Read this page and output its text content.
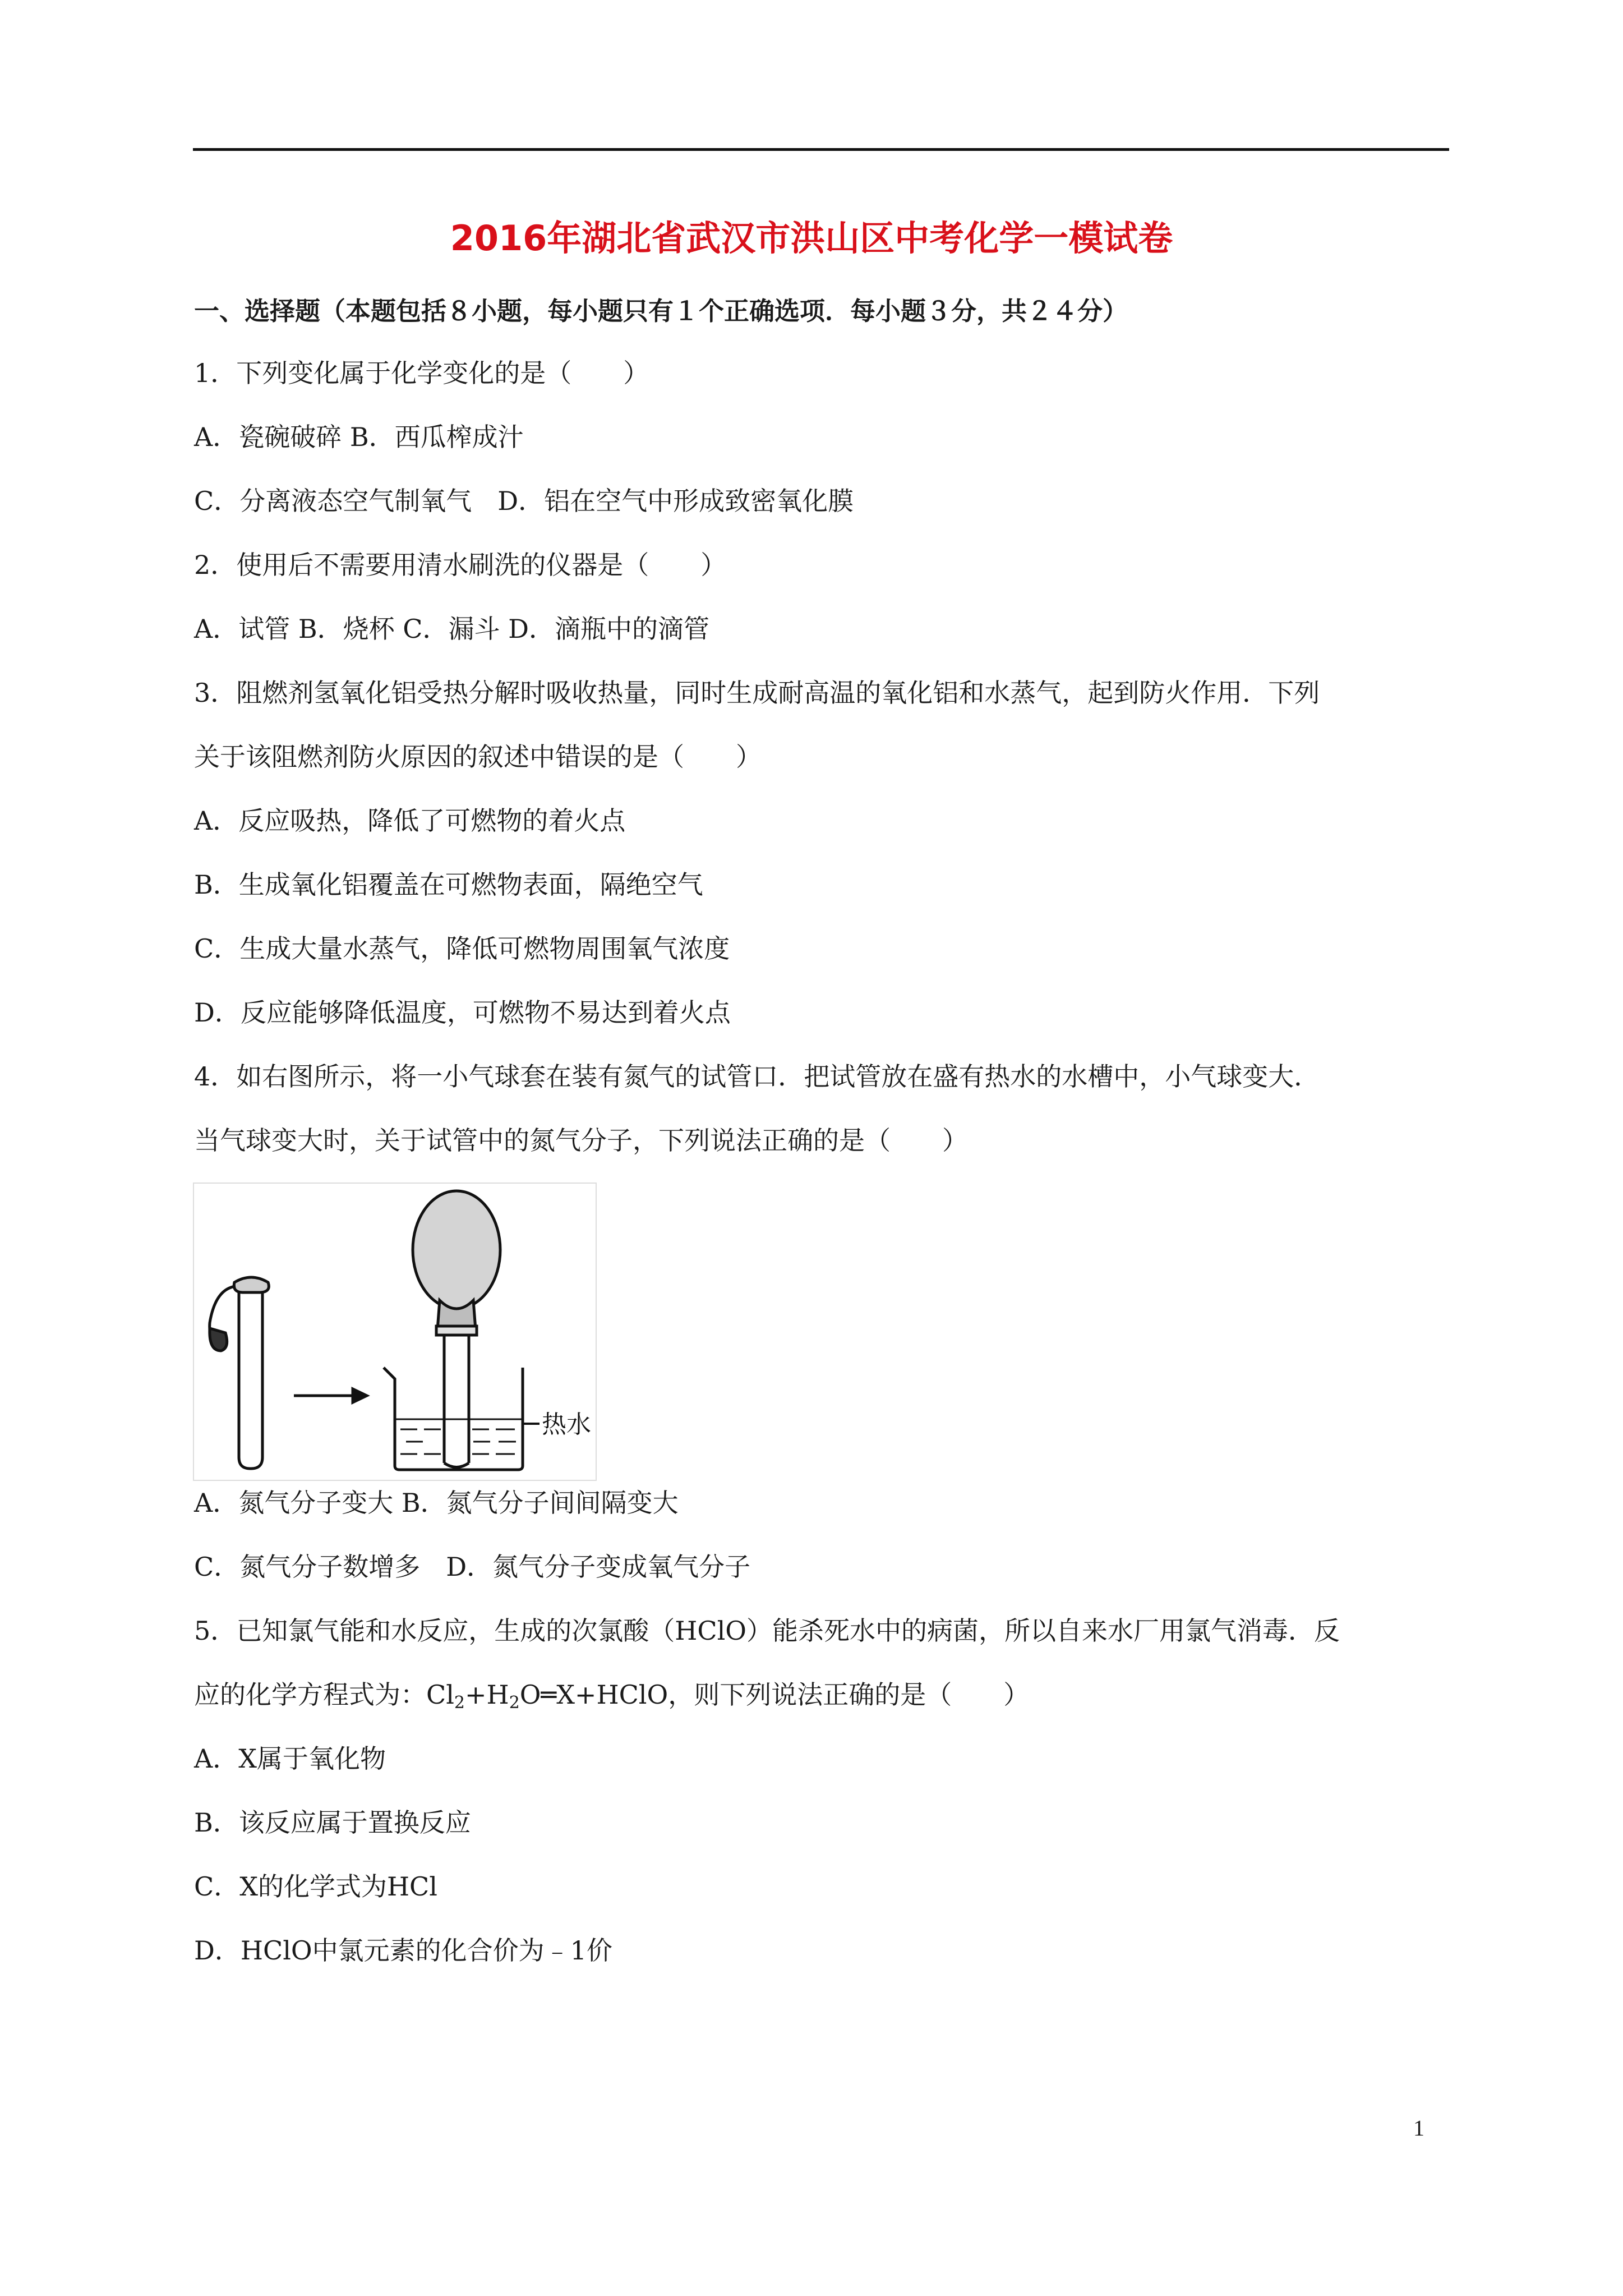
2016年湖北省武汉市洪山区中考化学一模试卷
一、选择题（本题包括８小题，每小题只有１个正确选项．每小题３分，共２４分）
1．下列变化属于化学变化的是（　　）
A．瓷碗破碎 B．西瓜榨成汁
C．分离液态空气制氧气 D．铝在空气中形成致密氧化膜
2．使用后不需要用清水刷洗的仪器是（　　）
A．试管 B．烧杯 C．漏斗 D．滴瓶中的滴管
3．阻燃剂氢氧化铝受热分解时吸收热量，同时生成耐高温的氧化铝和水蒸气，起到防火作用．下列
关于该阻燃剂防火原因的叙述中错误的是（　　）
A．反应吸热，降低了可燃物的着火点
B．生成氧化铝覆盖在可燃物表面，隔绝空气
C．生成大量水蒸气，降低可燃物周围氧气浓度
D．反应能够降低温度，可燃物不易达到着火点
4．如右图所示，将一小气球套在装有氮气的试管口．把试管放在盛有热水的水槽中，小气球变大．
当气球变大时，关于试管中的氮气分子，下列说法正确的是（　　）
热水
A．氮气分子变大 B．氮气分子间间隔变大
C．氮气分子数增多 D．氮气分子变成氧气分子
5．已知氯气能和水反应，生成的次氯酸（HClO）能杀死水中的病菌，所以自来水厂用氯气消毒．反
应的化学方程式为：$Cl_2+H_2O═X+HClO$，则下列说法正确的是（　　）
A．X属于氧化物
B．该反应属于置换反应
C．X的化学式为HCl
D．HClO中氯元素的化合价为﹣1价
1
